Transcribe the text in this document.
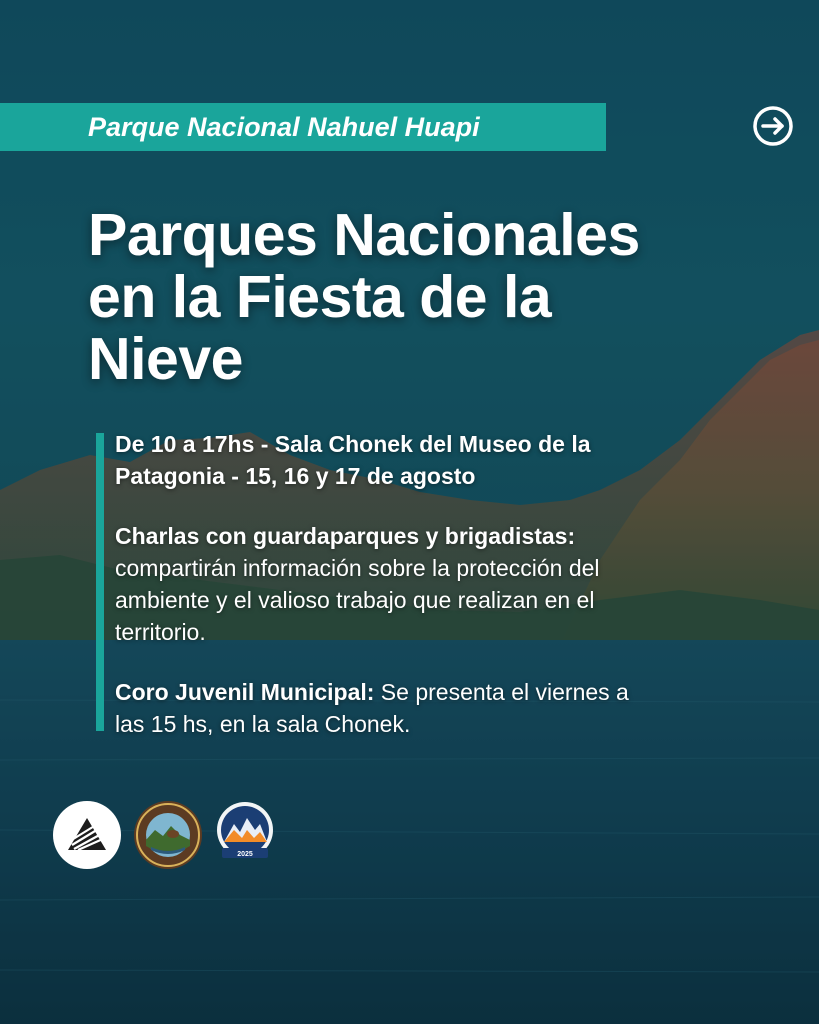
Parque Nacional Nahuel Huapi
Parques Nacionales
en la Fiesta de la
Nieve

De 10 a 17hs - Sala Chonek del Museo de la
Patagonia - 15, 16 y 17 de agosto

Charlas con guardaparques y brigadistas:
compartirán información sobre la protección del
ambiente y el valioso trabajo que realizan en el
territorio.

Coro Juvenil Municipal: Se presenta el viernes a
las 15 hs, en la sala Chonek.

2025
